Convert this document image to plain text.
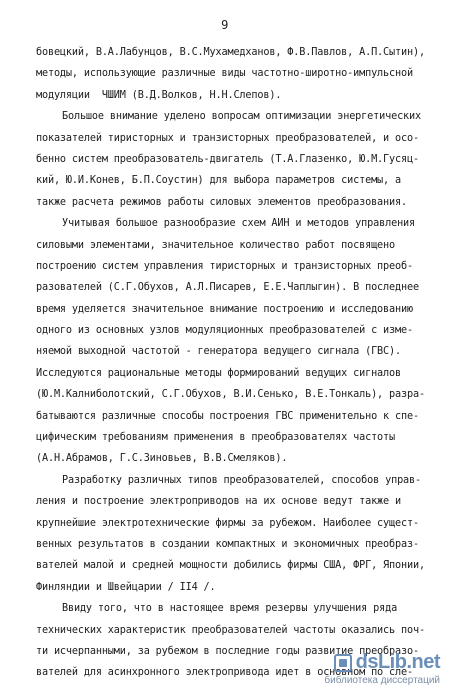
9
бовецкий, В.А.Лабунцов, В.С.Мухамедханов, Ф.В.Павлов, А.П.Сытин),
методы, использующие различные виды частотно-широтно-импульсной
модуляции  ЧШИМ (В.Д.Волков, Н.Н.Слепов).
Большое внимание уделено вопросам оптимизации энергетических
показателей тиристорных и транзисторных преобразователей, и осо-
бенно систем преобразователь-двигатель (Т.А.Глазенко, Ю.М.Гусяц-
кий, Ю.И.Конев, Б.П.Соустин) для выбора параметров системы, а
также расчета режимов работы силовых элементов преобразования.
Учитывая большое разнообразие схем АИН и методов управления
силовыми элементами, значительное количество работ посвящено
построению систем управления тиристорных и транзисторных преоб-
разователей (С.Г.Обухов, А.Л.Писарев, Е.Е.Чаплыгин). В последнее
время уделяется значительное внимание построению и исследованию
одного из основных узлов модуляционных преобразователей с изме-
няемой выходной частотой - генератора ведущего сигнала (ГВС).
Исследуются рациональные методы формирований ведущих сигналов
(Ю.М.Калниболотский, С.Г.Обухов, В.И.Сенько, В.Е.Тонкаль), разра-
батываются различные способы построения ГВС применительно к спе-
цифическим требованиям применения в преобразователях частоты
(А.Н.Абрамов, Г.С.Зиновьев, В.В.Смеляков).
Разработку различных типов преобразователей, способов управ-
ления и построение электроприводов на их основе ведут также и
крупнейшие электротехнические фирмы за рубежом. Наиболее сущест-
венных результатов в создании компактных и экономичных преобраз-
вателей малой и средней мощности добились фирмы США, ФРГ, Японии,
Финляндии и Швейцарии / II4 /.
Ввиду того, что в настоящее время резервы улучшения ряда
технических характеристик преобразователей частоты оказались поч-
ти исчерпанными, за рубежом в последние годы развитие преобразо-
вателей для асинхронного электропривода идет в основном по сле-
dsLib.net
библиотека диссертаций
